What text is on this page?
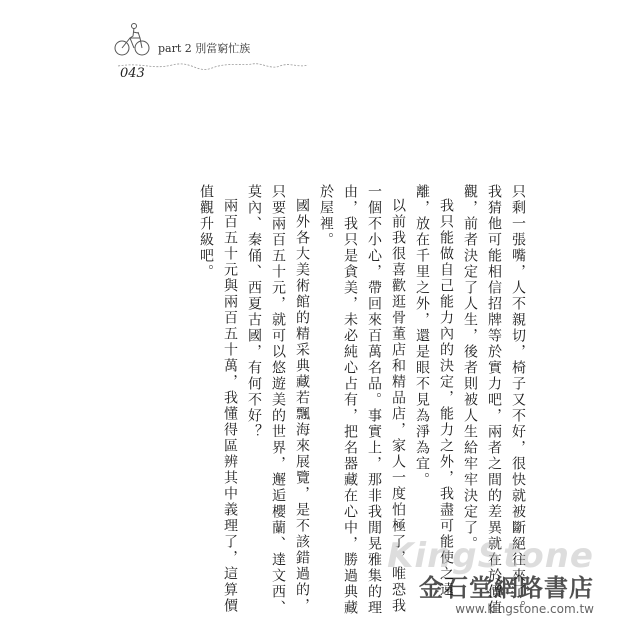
part 2 別當窮忙族
043

只剩一張嘴，人不親切，椅子又不好，很快就被斷絕往來了。我猜他可能相信招牌等於實力吧，兩者之間的差異就在於價值觀，前者決定了人生，後者則被人生給牢牢決定了。

我只能做自己能力內的決定，能力之外，我盡可能使之遠離，放在千里之外，還是眼不見為淨為宜。

以前我很喜歡逛骨董店和精品店，家人一度怕極了，唯恐我一個不小心，帶回來百萬名品。事實上，那非我閒晃雅集的理由，我只是貪美，未必純心占有，把名器藏在心中，勝過典藏於屋裡。

國外各大美術館的精采典藏若飄海來展覽，是不該錯過的，只要兩百五十元，就可以悠遊美的世界，邂逅櫻蘭、達文西、莫內、秦俑、西夏古國，有何不好？

兩百五十元與兩百五十萬，我懂得區辨其中義理了，這算價值觀升級吧。

KingStone
金石堂網路書店
www.kingstone.com.tw
